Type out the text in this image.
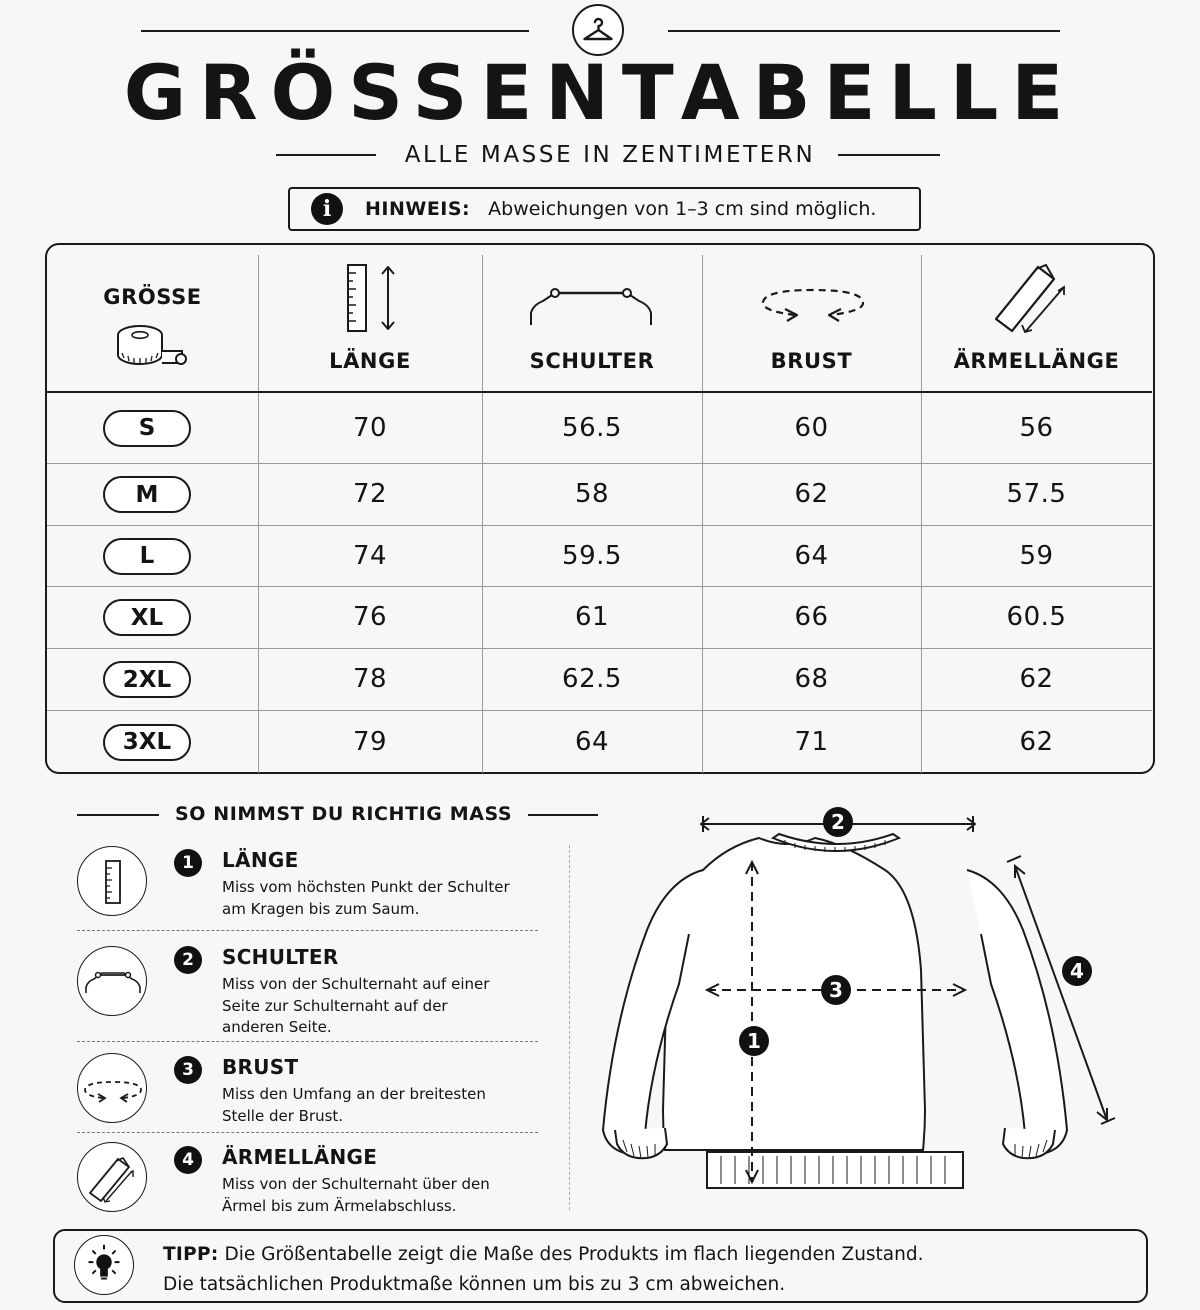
GRÖSSENTABELLE
ALLE MASSE IN ZENTIMETERN
i	HINWEIS: Abweichungen von 1–3 cm sind möglich.
GRÖSSE
LÄNGE	SCHULTER	BRUST	ÄRMELLÄNGE
S	70	56.5	60	56
M	72	58	62	57.5
L	74	59.5	64	59
XL	76	61	66	60.5
2XL	78	62.5	68	62
3XL	79	64	71	62
SO NIMMST DU RICHTIG MASS
1	LÄNGE
Miss vom höchsten Punkt der Schulter
am Kragen bis zum Saum.
2	SCHULTER
Miss von der Schulternaht auf einer
Seite zur Schulternaht auf der
anderen Seite.
3	BRUST
Miss den Umfang an der breitesten
Stelle der Brust.
4	ÄRMELLÄNGE
Miss von der Schulternaht über den
Ärmel bis zum Ärmelabschluss.
2
3
1
4
TIPP: Die Größentabelle zeigt die Maße des Produkts im flach liegenden Zustand.
Die tatsächlichen Produktmaße können um bis zu 3 cm abweichen.
